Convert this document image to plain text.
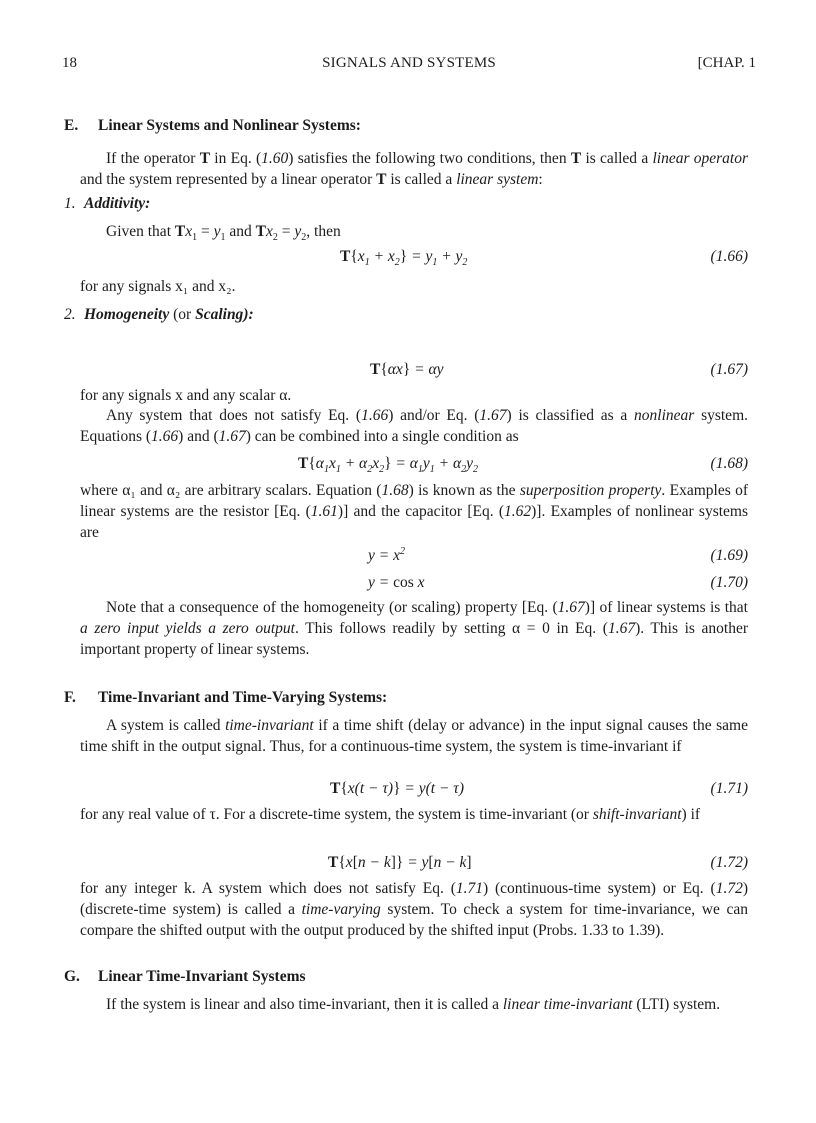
18	SIGNALS AND SYSTEMS	[CHAP. 1
E. Linear Systems and Nonlinear Systems:
If the operator T in Eq. (1.60) satisfies the following two conditions, then T is called a linear operator and the system represented by a linear operator T is called a linear system:
1. Additivity:
Given that $Tx_1 = y_1$ and $Tx_2 = y_2$, then
$T\{x_1 + x_2\} = y_1 + y_2$	(1.66)
for any signals x₁ and x₂.
2. Homogeneity (or Scaling):
T{αx} = αy	(1.67)
for any signals x and any scalar α.
Any system that does not satisfy Eq. (1.66) and/or Eq. (1.67) is classified as a nonlinear system. Equations (1.66) and (1.67) can be combined into a single condition as
$T\{\alpha_1x_1 + \alpha_2x_2\} = \alpha_1y_1 + \alpha_2y_2$	(1.68)
where α₁ and α₂ are arbitrary scalars. Equation (1.68) is known as the superposition property. Examples of linear systems are the resistor [Eq. (1.61)] and the capacitor [Eq. (1.62)]. Examples of nonlinear systems are
$y = x^2$	(1.69)
y = cos x	(1.70)
Note that a consequence of the homogeneity (or scaling) property [Eq. (1.67)] of linear systems is that a zero input yields a zero output. This follows readily by setting α = 0 in Eq. (1.67). This is another important property of linear systems.
F. Time-Invariant and Time-Varying Systems:
A system is called time-invariant if a time shift (delay or advance) in the input signal causes the same time shift in the output signal. Thus, for a continuous-time system, the system is time-invariant if
T{x(t − τ)} = y(t − τ)	(1.71)
for any real value of τ. For a discrete-time system, the system is time-invariant (or shift-invariant) if
T{x[n − k]} = y[n − k]	(1.72)
for any integer k. A system which does not satisfy Eq. (1.71) (continuous-time system) or Eq. (1.72) (discrete-time system) is called a time-varying system. To check a system for time-invariance, we can compare the shifted output with the output produced by the shifted input (Probs. 1.33 to 1.39).
G. Linear Time-Invariant Systems
If the system is linear and also time-invariant, then it is called a linear time-invariant (LTI) system.
